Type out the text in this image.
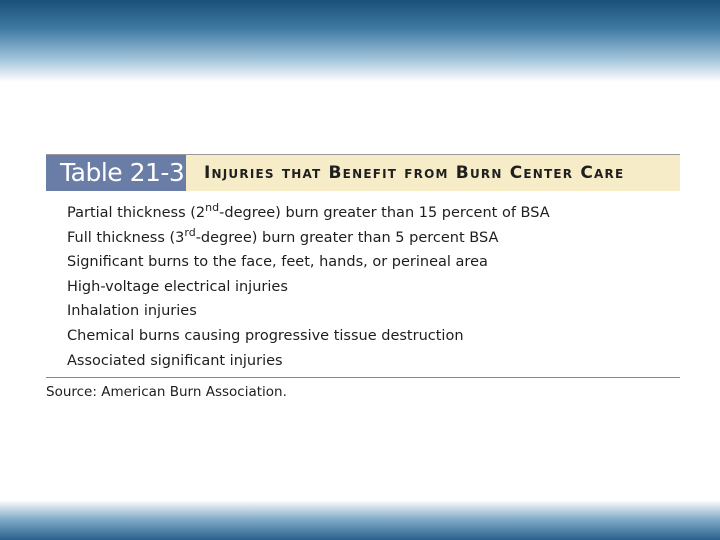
Table 21-3	Injuries that Benefit from Burn Center Care
Partial thickness (2nd-degree) burn greater than 15 percent of BSA
Full thickness (3rd-degree) burn greater than 5 percent BSA
Significant burns to the face, feet, hands, or perineal area
High-voltage electrical injuries
Inhalation injuries
Chemical burns causing progressive tissue destruction
Associated significant injuries
Source: American Burn Association.
